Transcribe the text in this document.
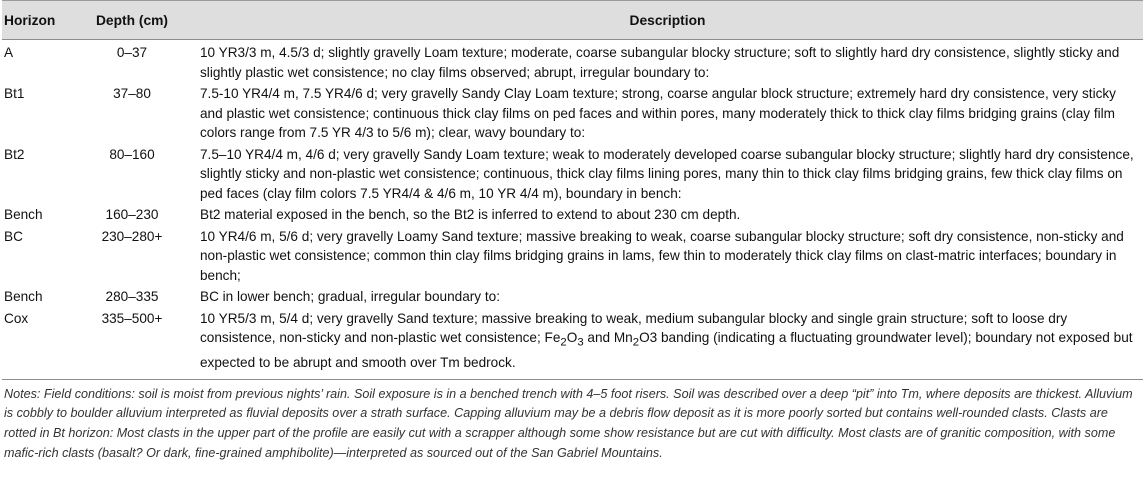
Horizon	Depth (cm)	Description
A	0–37	10 YR3/3 m, 4.5/3 d; slightly gravelly Loam texture; moderate, coarse subangular blocky structure; soft to slightly hard dry consistence, slightly sticky and slightly plastic wet consistence; no clay films observed; abrupt, irregular boundary to:
Bt1	37–80	7.5-10 YR4/4 m, 7.5 YR4/6 d; very gravelly Sandy Clay Loam texture; strong, coarse angular block structure; extremely hard dry consistence, very sticky and plastic wet consistence; continuous thick clay films on ped faces and within pores, many moderately thick to thick clay films bridging grains (clay film colors range from 7.5 YR 4/3 to 5/6 m); clear, wavy boundary to:
Bt2	80–160	7.5–10 YR4/4 m, 4/6 d; very gravelly Sandy Loam texture; weak to moderately developed coarse subangular blocky structure; slightly hard dry consistence, slightly sticky and non-plastic wet consistence; continuous, thick clay films lining pores, many thin to thick clay films bridging grains, few thick clay films on ped faces (clay film colors 7.5 YR4/4 & 4/6 m, 10 YR 4/4 m), boundary in bench:
Bench	160–230	Bt2 material exposed in the bench, so the Bt2 is inferred to extend to about 230 cm depth.
BC	230–280+	10 YR4/6 m, 5/6 d; very gravelly Loamy Sand texture; massive breaking to weak, coarse subangular blocky structure; soft dry consistence, non-sticky and non-plastic wet consistence; common thin clay films bridging grains in lams, few thin to moderately thick clay films on clast-matric interfaces; boundary in bench;
Bench	280–335	BC in lower bench; gradual, irregular boundary to:
Cox	335–500+	10 YR5/3 m, 5/4 d; very gravelly Sand texture; massive breaking to weak, medium subangular blocky and single grain structure; soft to loose dry consistence, non-sticky and non-plastic wet consistence; $Fe_2O_3$ and $Mn_2O3$ banding (indicating a fluctuating groundwater level); boundary not exposed but expected to be abrupt and smooth over Tm bedrock.
Notes: Field conditions: soil is moist from previous nights’ rain. Soil exposure is in a benched trench with 4–5 foot risers. Soil was described over a deep “pit” into Tm, where deposits are thickest. Alluvium is cobbly to boulder alluvium interpreted as fluvial deposits over a strath surface. Capping alluvium may be a debris flow deposit as it is more poorly sorted but contains well-rounded clasts. Clasts are rotted in Bt horizon: Most clasts in the upper part of the profile are easily cut with a scrapper although some show resistance but are cut with difficulty. Most clasts are of granitic composition, with some mafic-rich clasts (basalt? Or dark, fine-grained amphibolite)—interpreted as sourced out of the San Gabriel Mountains.
